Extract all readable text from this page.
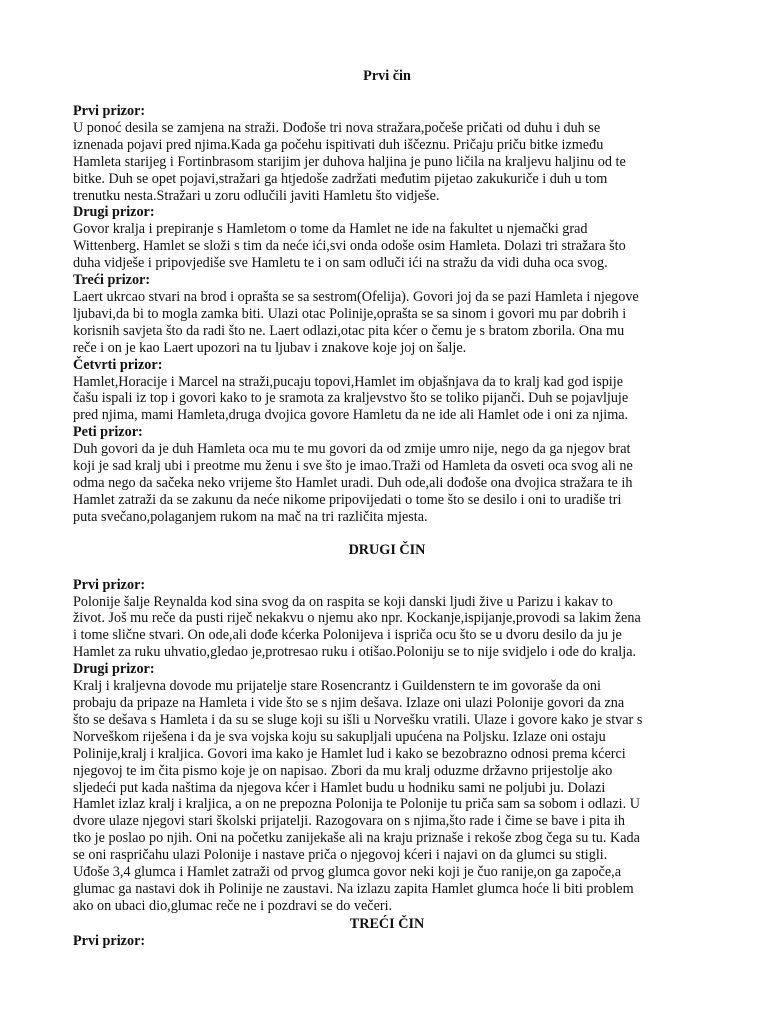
Prvi čin
Prvi prizor:

U ponoć desila se zamjena na straži. Dođoše tri nova stražara,počeše pričati od duhu i duh se
iznenada pojavi pred njima.Kada ga počehu ispitivati duh iščeznu. Pričaju priču bitke između
Hamleta starijeg i Fortinbrasom starijim jer duhova haljina je puno ličila na kraljevu haljinu od te
bitke. Duh se opet pojavi,stražari ga htjedoše zadržati međutim pijetao zakukuriče i duh u tom
trenutku nesta.Stražari u zoru odlučili javiti Hamletu što vidješe.

Drugi prizor:

Govor kralja i prepiranje s Hamletom o tome da Hamlet ne ide na fakultet u njemački grad
Wittenberg. Hamlet se složi s tim da neće ići,svi onda odoše osim Hamleta. Dolazi tri stražara što
duha vidješe i pripovjediše sve Hamletu te i on sam odluči ići na stražu da vidi duha oca svog.

Treći prizor:

Laert ukrcao stvari na brod i oprašta se sa sestrom(Ofelija). Govori joj da se pazi Hamleta i njegove
ljubavi,da bi to mogla zamka biti. Ulazi otac Polinije,oprašta se sa sinom i govori mu par dobrih i
korisnih savjeta što da radi što ne. Laert odlazi,otac pita kćer o čemu je s bratom zborila. Ona mu
reče i on je kao Laert upozori na tu ljubav i znakove koje joj on šalje.

Četvrti prizor:

Hamlet,Horacije i Marcel na straži,pucaju topovi,Hamlet im objašnjava da to kralj kad god ispije
čašu ispali iz top i govori kako to je sramota za kraljevstvo što se toliko pijanči. Duh se pojavljuje
pred njima, mami Hamleta,druga dvojica govore Hamletu da ne ide ali Hamlet ode i oni za njima.

Peti prizor:

Duh govori da je duh Hamleta oca mu te mu govori da od zmije umro nije, nego da ga njegov brat
koji je sad kralj ubi i preotme mu ženu i sve što je imao.Traži od Hamleta da osveti oca svog ali ne
odma nego da sačeka neko vrijeme što Hamlet uradi. Duh ode,ali dođoše ona dvojica stražara te ih
Hamlet zatraži da se zakunu da neće nikome pripovijedati o tome što se desilo i oni to uradiše tri
puta svečano,polaganjem rukom na mač na tri različita mjesta.

DRUGI ČIN
Prvi prizor:

Polonije šalje Reynalda kod sina svog da on raspita se koji danski ljudi žive u Parizu i kakav to
život. Još mu reče da pusti riječ nekakvu o njemu ako npr. Kockanje,ispijanje,provodi sa lakim žena
i tome slične stvari. On ode,ali dođe kćerka Polonijeva i ispriča ocu što se u dvoru desilo da ju je
Hamlet za ruku uhvatio,gledao je,protresao ruku i otišao.Poloniju se to nije svidjelo i ode do kralja.

Drugi prizor:

Kralj i kraljevna dovode mu prijatelje stare Rosencrantz i Guildenstern te im govoraše da oni
probaju da pripaze na Hamleta i vide što se s njim dešava. Izlaze oni ulazi Polonije govori da zna
što se dešava s Hamleta i da su se sluge koji su išli u Norvešku vratili. Ulaze i govore kako je stvar s
Norveškom riješena i da je sva vojska koju su sakupljali upućena na Poljsku. Izlaze oni ostaju
Polinije,kralj i kraljica. Govori ima kako je Hamlet lud i kako se bezobrazno odnosi prema kćerci
njegovoj te im čita pismo koje je on napisao. Zbori da mu kralj oduzme državno prijestolje ako
sljedeći put kada naštima da njegova kćer i Hamlet budu u hodniku sami ne poljubi ju. Dolazi
Hamlet izlaz kralj i kraljica, a on ne prepozna Polonija te Polonije tu priča sam sa sobom i odlazi. U
dvore ulaze njegovi stari školski prijatelji. Razogovara on s njima,što rade i čime se bave i pita ih
tko je poslao po njih. Oni na početku zanijekaše ali na kraju priznaše i rekoše zbog čega su tu. Kada
se oni raspričahu ulazi Polonije i nastave priča o njegovoj kćeri i najavi on da glumci su stigli.
Uđoše 3,4 glumca i Hamlet zatraži od prvog glumca govor neki koji je čuo ranije,on ga započe,a
glumac ga nastavi dok ih Polinije ne zaustavi. Na izlazu zapita Hamlet glumca hoće li biti problem
ako on ubaci dio,glumac reče ne i pozdravi se do večeri.

TREĆI ČIN
Prvi prizor:
